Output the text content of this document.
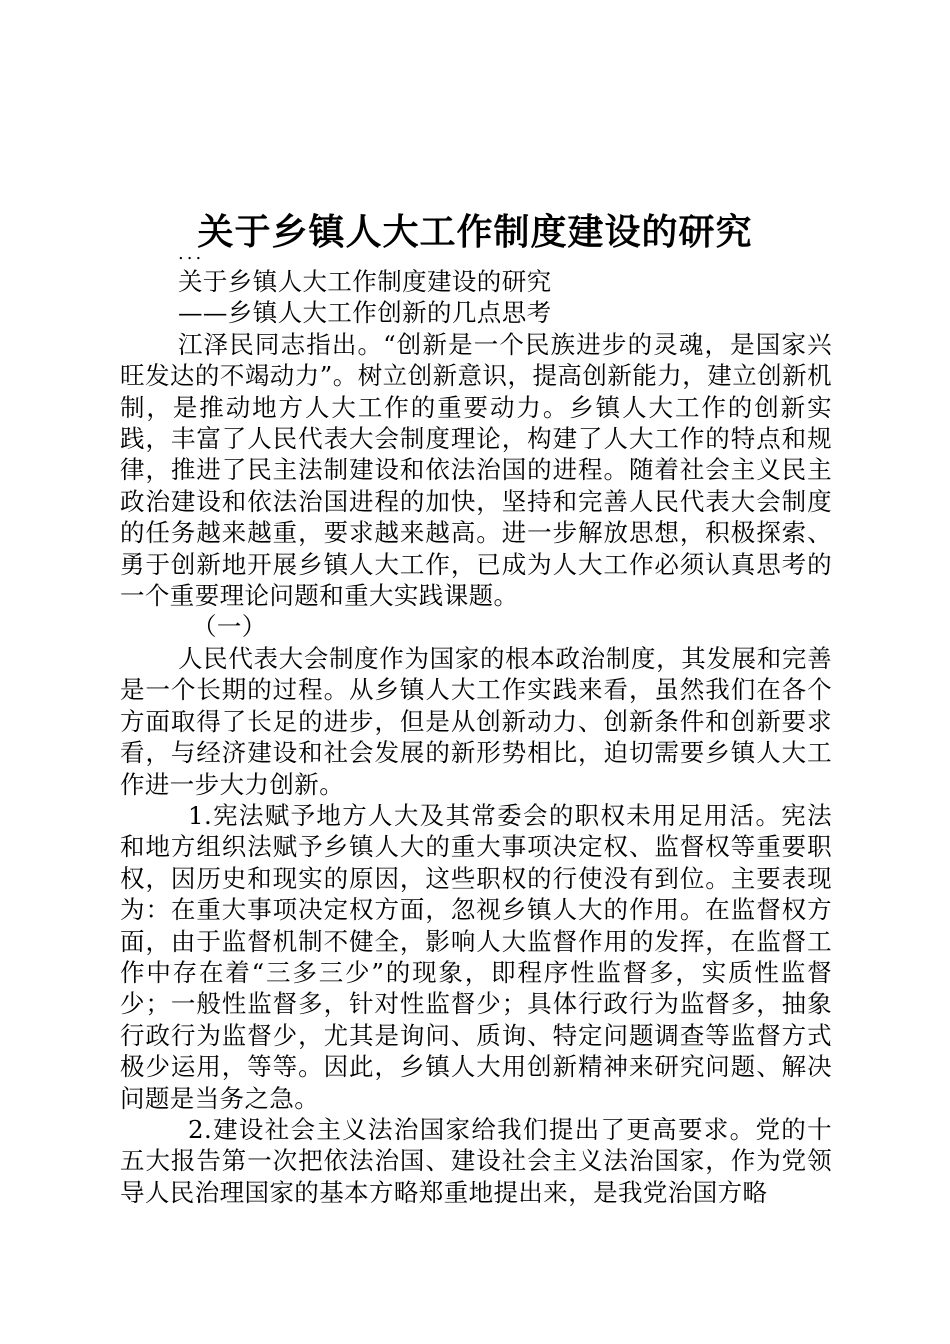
关于乡镇人大工作制度建设的研究
...

关于乡镇人大工作制度建设的研究

——乡镇人大工作创新的几点思考

江泽民同志指出。“创新是一个民族进步的灵魂，是国家兴旺发达的不竭动力”。树立创新意识，提高创新能力，建立创新机制，是推动地方人大工作的重要动力。乡镇人大工作的创新实践，丰富了人民代表大会制度理论，构建了人大工作的特点和规律，推进了民主法制建设和依法治国的进程。随着社会主义民主政治建设和依法治国进程的加快，坚持和完善人民代表大会制度的任务越来越重，要求越来越高。进一步解放思想，积极探索、勇于创新地开展乡镇人大工作，已成为人大工作必须认真思考的一个重要理论问题和重大实践课题。

（一）

人民代表大会制度作为国家的根本政治制度，其发展和完善是一个长期的过程。从乡镇人大工作实践来看，虽然我们在各个方面取得了长足的进步，但是从创新动力、创新条件和创新要求看，与经济建设和社会发展的新形势相比，迫切需要乡镇人大工作进一步大力创新。

1.宪法赋予地方人大及其常委会的职权未用足用活。宪法和地方组织法赋予乡镇人大的重大事项决定权、监督权等重要职权，因历史和现实的原因，这些职权的行使没有到位。主要表现为：在重大事项决定权方面，忽视乡镇人大的作用。在监督权方面，由于监督机制不健全，影响人大监督作用的发挥，在监督工作中存在着“三多三少”的现象，即程序性监督多，实质性监督少；一般性监督多，针对性监督少；具体行政行为监督多，抽象行政行为监督少，尤其是询问、质询、特定问题调查等监督方式极少运用，等等。因此，乡镇人大用创新精神来研究问题、解决问题是当务之急。

2.建设社会主义法治国家给我们提出了更高要求。党的十五大报告第一次把依法治国、建设社会主义法治国家，作为党领导人民治理国家的基本方略郑重地提出来，是我党治国方略
